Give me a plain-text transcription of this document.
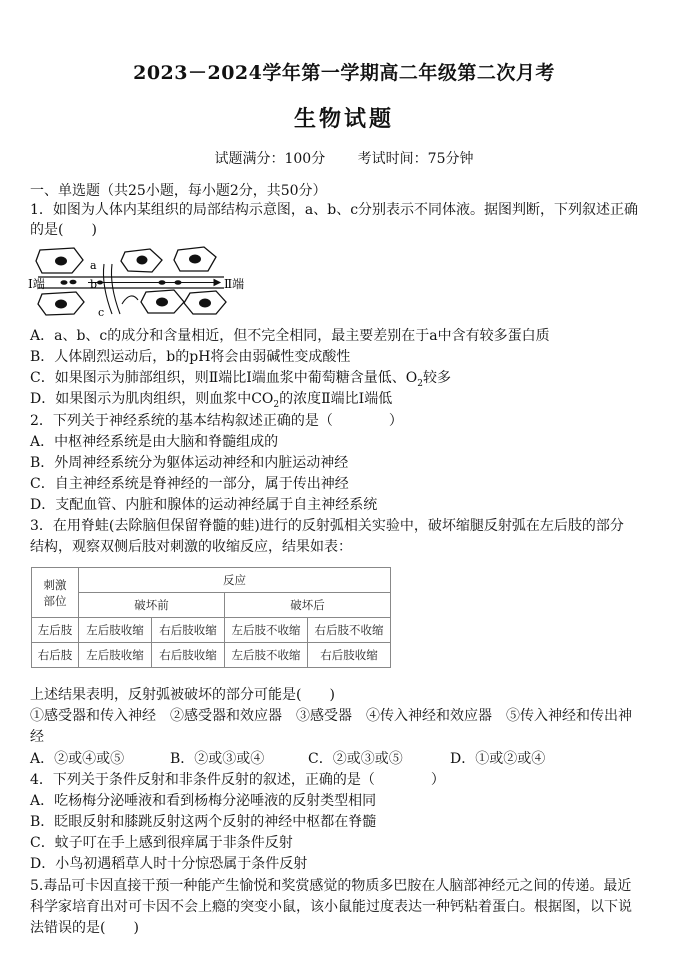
2023－2024学年第一学期高二年级第二次月考
生物试题
试题满分：100分 考试时间：75分钟
一、单选题（共25小题，每小题2分，共50分）
1．如图为人体内某组织的局部结构示意图，a、b、c分别表示不同体液。据图判断，下列叙述正确
的是(　　)
a
b
c
Ⅰ端	Ⅱ端
A．a、b、c的成分和含量相近，但不完全相同，最主要差别在于a中含有较多蛋白质
B．人体剧烈运动后，b的pH将会由弱碱性变成酸性
C．如果图示为肺部组织，则Ⅱ端比Ⅰ端血浆中葡萄糖含量低、$O_2$较多
D．如果图示为肌肉组织，则血浆中$CO_2$的浓度Ⅱ端比Ⅰ端低
2．下列关于神经系统的基本结构叙述正确的是（　　　　）
A．中枢神经系统是由大脑和脊髓组成的
B．外周神经系统分为躯体运动神经和内脏运动神经
C．自主神经系统是脊神经的一部分，属于传出神经
D．支配血管、内脏和腺体的运动神经属于自主神经系统
3．在用脊蛙(去除脑但保留脊髓的蛙)进行的反射弧相关实验中，破坏缩腿反射弧在左后肢的部分
结构，观察双侧后肢对刺激的收缩反应，结果如表：
刺激
部位	反应			
	破坏前		破坏后	
左后肢	左后肢收缩	右后肢收缩	左后肢不收缩	右后肢不收缩
右后肢	左后肢收缩	右后肢收缩	左后肢不收缩	右后肢收缩
上述结果表明，反射弧被破坏的部分可能是(　　)
①感受器和传入神经　②感受器和效应器　③感受器　④传入神经和效应器　⑤传入神经和传出神
经
A．②或④或⑤	B．②或③或④	C．②或③或⑤	D．①或②或④
4．下列关于条件反射和非条件反射的叙述，正确的是（　　　　）
A．吃杨梅分泌唾液和看到杨梅分泌唾液的反射类型相同
B．眨眼反射和膝跳反射这两个反射的神经中枢都在脊髓
C．蚊子叮在手上感到很痒属于非条件反射
D．小鸟初遇稻草人时十分惊恐属于条件反射
5.毒品可卡因直接干预一种能产生愉悦和奖赏感觉的物质多巴胺在人脑部神经元之间的传递。最近
科学家培育出对可卡因不会上瘾的突变小鼠，该小鼠能过度表达一种钙粘着蛋白。根据图，以下说
法错误的是(　　)
